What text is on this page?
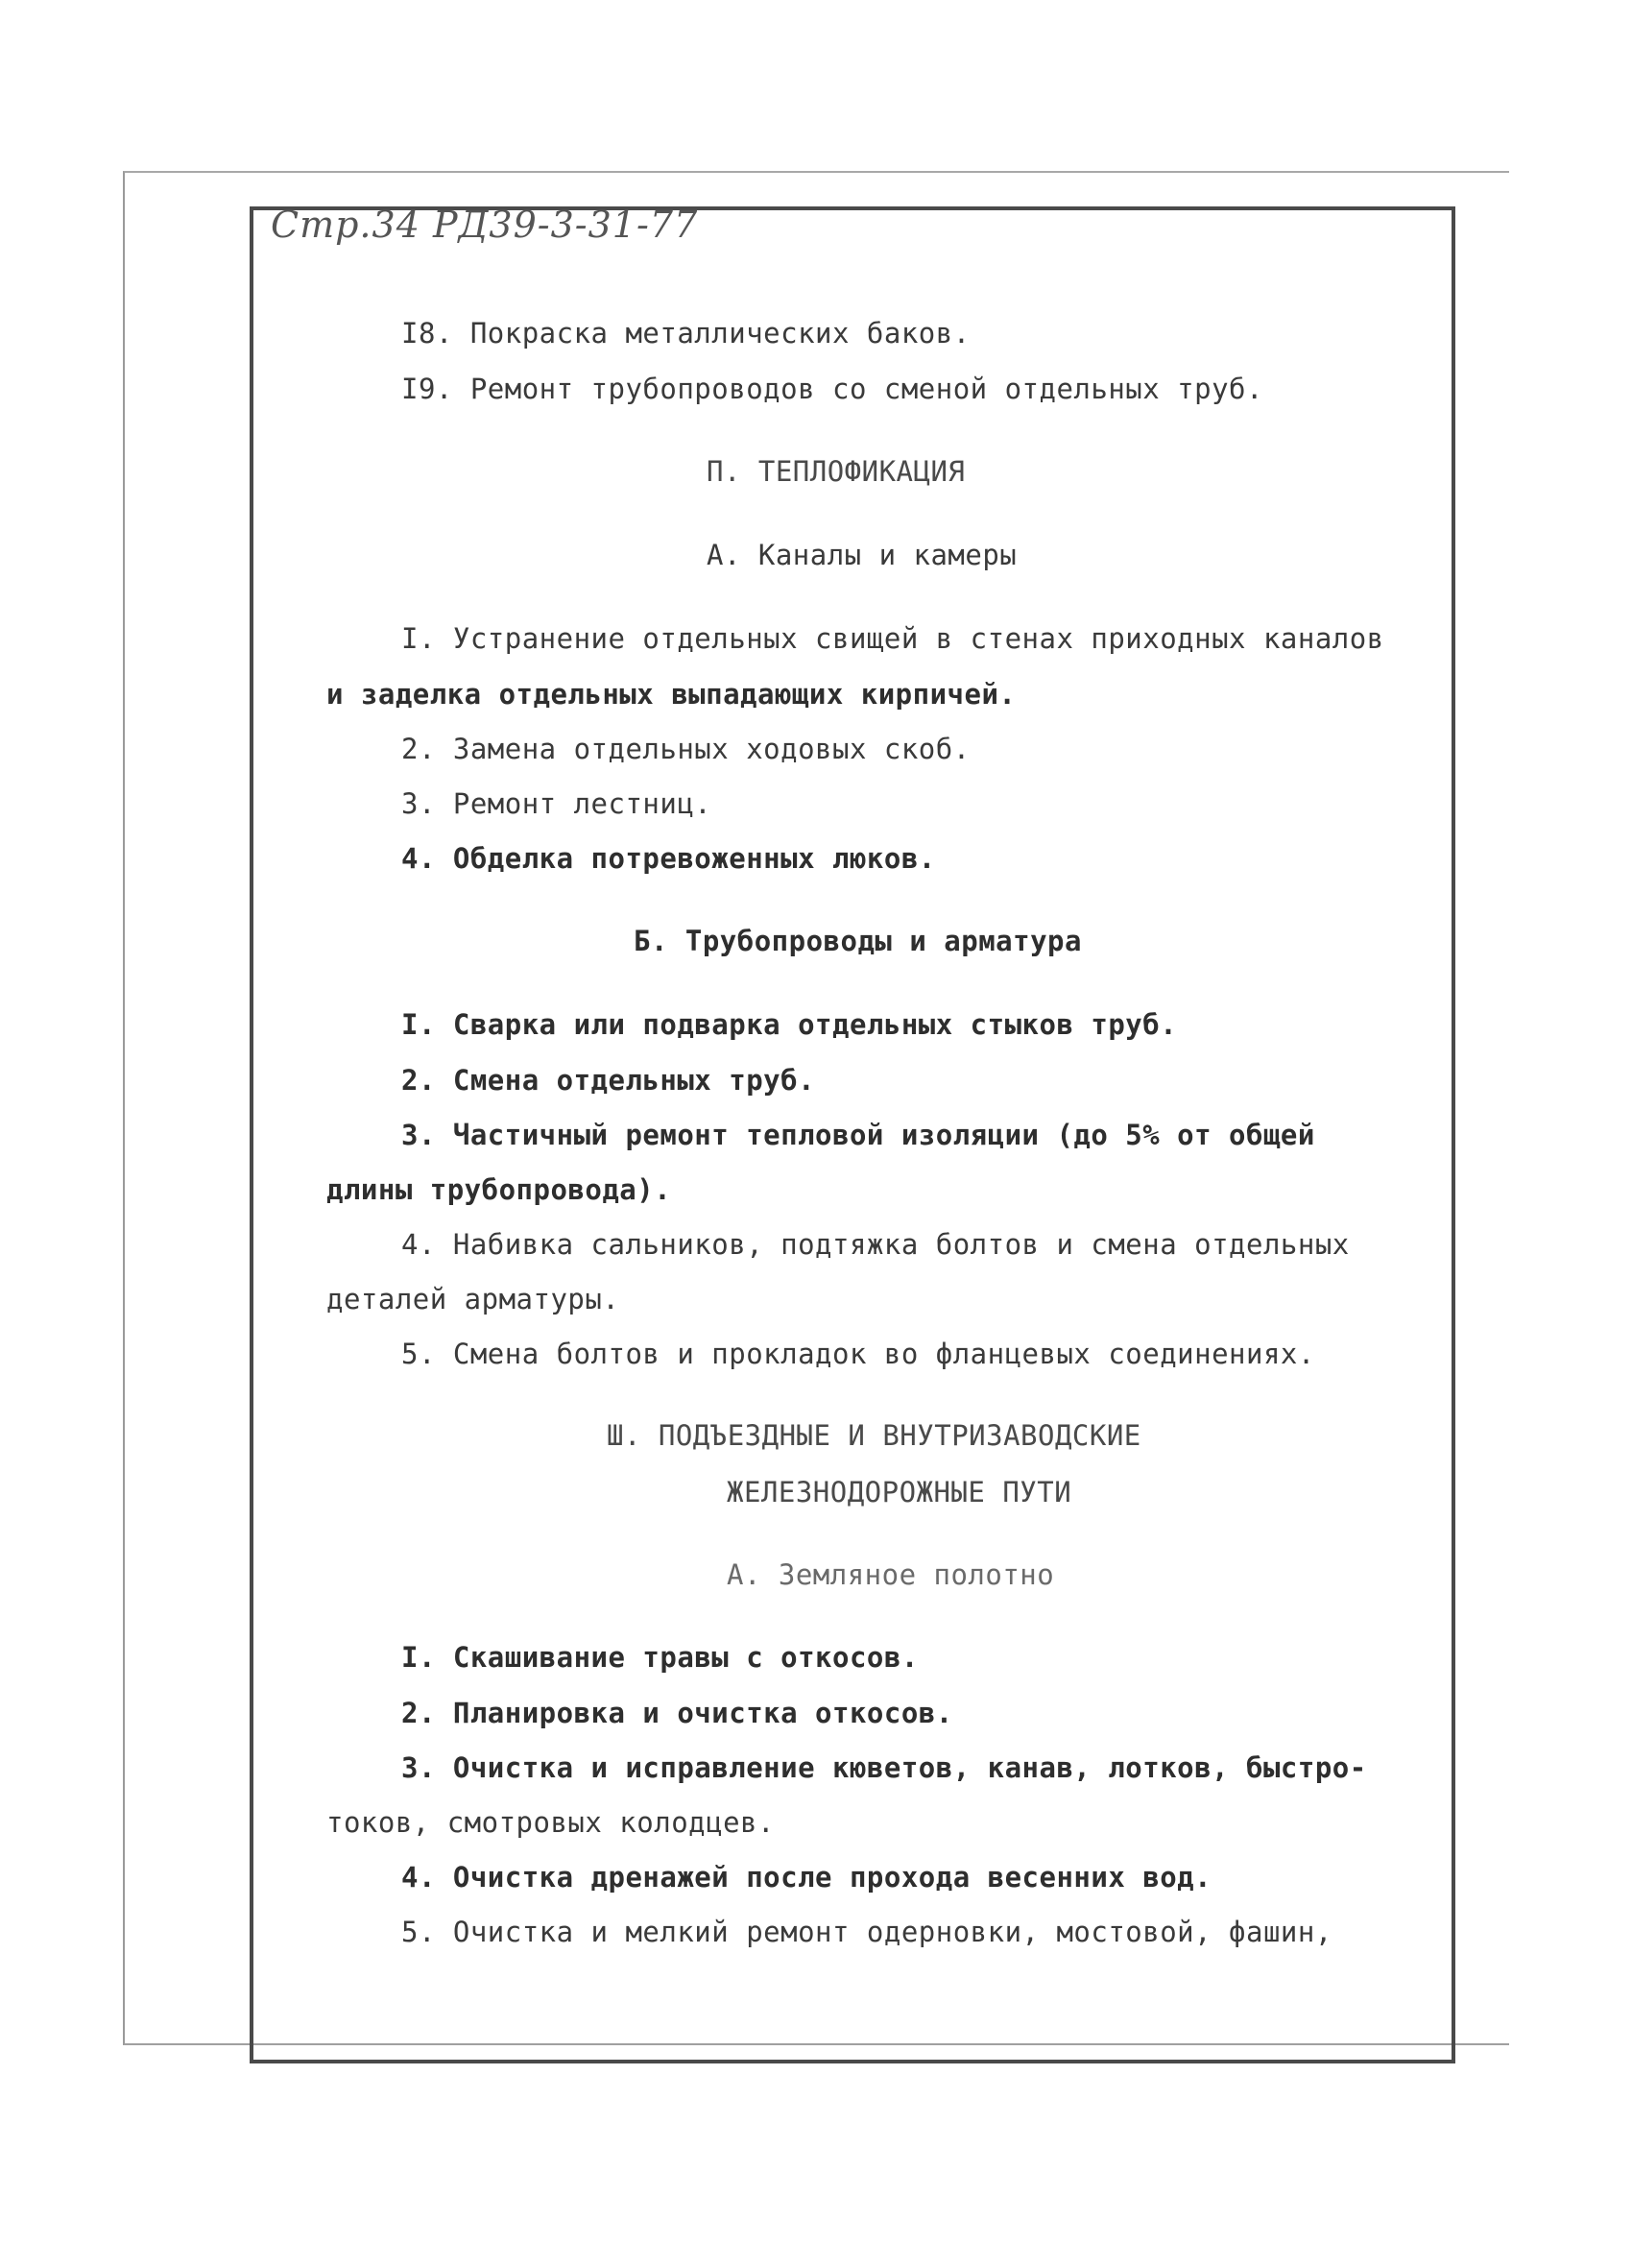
Стр.34 РД39-3-31-77
I8. Покраска металлических баков.
I9. Ремонт трубопроводов со сменой отдельных труб.
П. ТЕПЛОФИКАЦИЯ
А. Каналы и камеры
I. Устранение отдельных свищей в стенах приходных каналов
и заделка отдельных выпадающих кирпичей.
2. Замена отдельных ходовых скоб.
3. Ремонт лестниц.
4. Обделка потревоженных люков.
Б. Трубопроводы и арматура
I. Сварка или подварка отдельных стыков труб.
2. Смена отдельных труб.
3. Частичный ремонт тепловой изоляции (до 5% от общей
длины трубопровода).
4. Набивка сальников, подтяжка болтов и смена отдельных
деталей арматуры.
5. Смена болтов и прокладок во фланцевых соединениях.
Ш. ПОДЪЕЗДНЫЕ И ВНУТРИЗАВОДСКИЕ
ЖЕЛЕЗНОДОРОЖНЫЕ ПУТИ
А. Земляное полотно
I. Скашивание травы с откосов.
2. Планировка и очистка откосов.
3. Очистка и исправление кюветов, канав, лотков, быстро-
токов, смотровых колодцев.
4. Очистка дренажей после прохода весенних вод.
5. Очистка и мелкий ремонт одерновки, мостовой, фашин,
